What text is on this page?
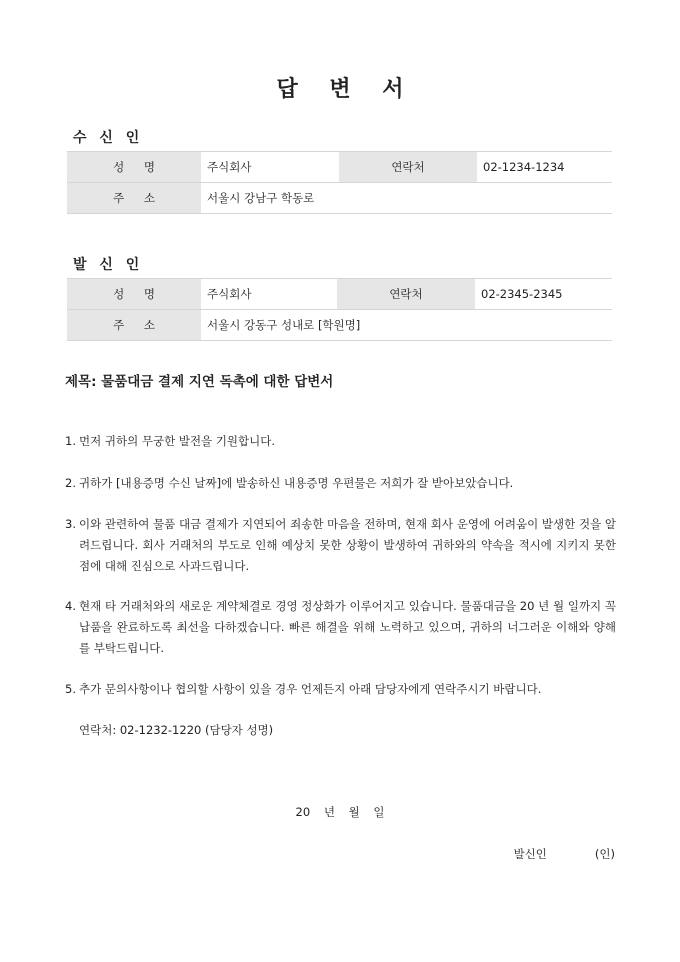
답 변 서
수 신 인
성 명	주식회사	연락처	02-1234-1234
주 소	서울시 강남구 학동로		
발 신 인
성 명	주식회사	연락처	02-2345-2345
주 소	서울시 강동구 성내로 [학원명]		
제목: 물품대금 결제 지연 독촉에 대한 답변서
1. 먼저 귀하의 무궁한 발전을 기원합니다.
2. 귀하가 [내용증명 수신 날짜]에 발송하신 내용증명 우편물은 저희가 잘 받아보았습니다.
3. 이와 관련하여 물품 대금 결제가 지연되어 죄송한 마음을 전하며, 현재 회사 운영에 어려움이 발생한 것을 알려드립니다. 회사 거래처의 부도로 인해 예상치 못한 상황이 발생하여 귀하와의 약속을 적시에 지키지 못한 점에 대해 진심으로 사과드립니다.
4. 현재 타 거래처와의 새로운 계약체결로 경영 정상화가 이루어지고 있습니다. 물품대금을 20 년 월 일까지 꼭 납품을 완료하도록 최선을 다하겠습니다. 빠른 해결을 위해 노력하고 있으며, 귀하의 너그러운 이해와 양해를 부탁드립니다.
5. 추가 문의사항이나 협의할 사항이 있을 경우 언제든지 아래 담당자에게 연락주시기 바랍니다.
연락처: 02-1232-1220 (담당자 성명)
20 년 월 일
발신인	(인)
